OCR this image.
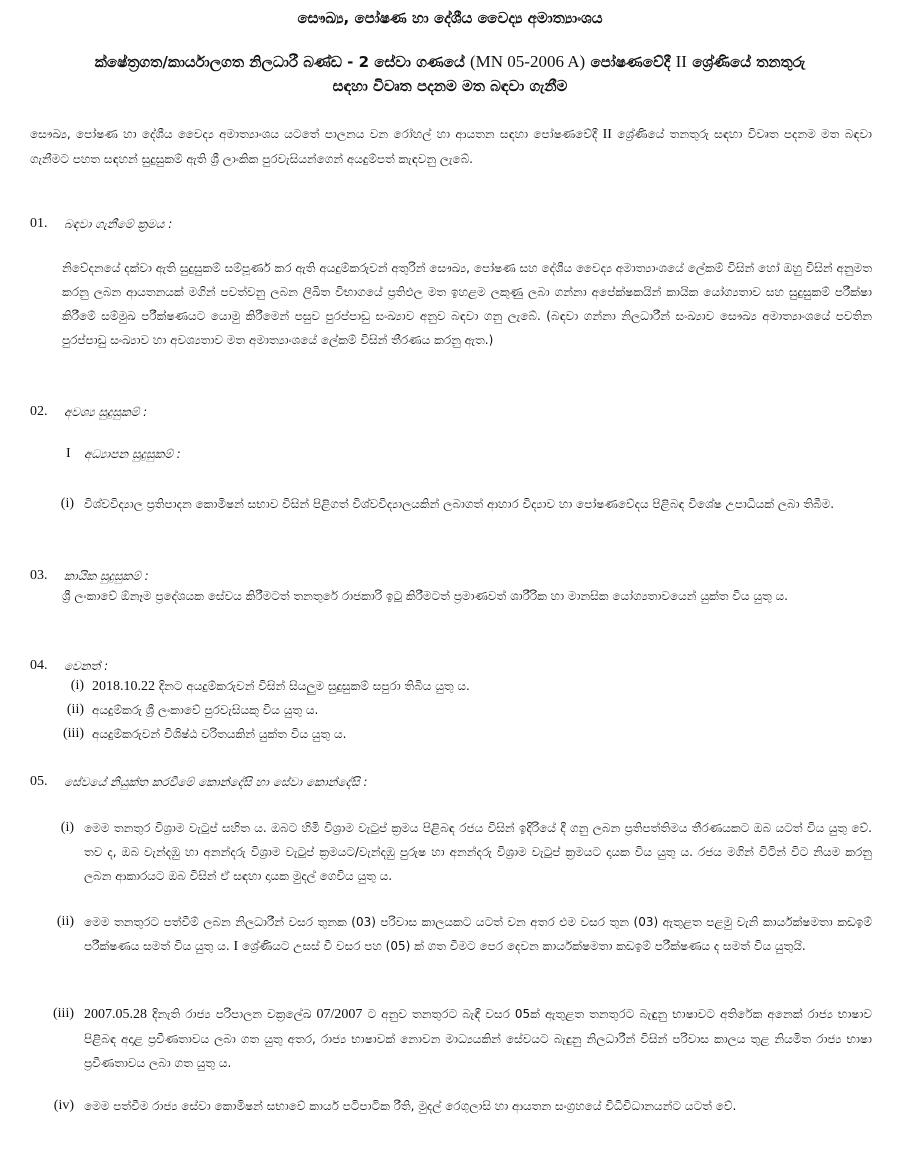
සෞඛ්‍ය, පෝෂණ හා දේශීය වෛද්‍ය අමාත්‍යාංශය
ක්ෂේත්‍රගත/කාර්යාලගත නිලධාරී බණ්ඩ - 2 සේවා ගණයේ (MN 05-2006 A) පෝෂණවේදී II ශ්‍රේණියේ තනතුරු
සඳහා විවෘත පදනම මත බඳවා ගැනීම
සෞඛ්‍ය, පෝෂණ හා දේශීය වෛද්‍ය අමාත්‍යාංශය යටතේ පාලනය වන රෝහල් හා ආයතන සඳහා පෝෂණවේදී II ශ්‍රේණියේ තනතුරු සඳහා විවෘත පදනම මත බඳවා ගැනීමට පහත සඳහන් සුදුසුකම් ඇති ශ්‍රී ලාංකික පුරවැසියන්ගෙන් අයදුම්පත් කැඳවනු ලැබේ.
01. බඳවා ගැනීමේ ක්‍රමය :
නිවේදනයේ දක්වා ඇති සුදුසුකම් සම්පූර්ණ කර ඇති අයදුම්කරුවන් අතුරින් සෞඛ්‍ය, පෝෂණ සහ දේශීය වෛද්‍ය අමාත්‍යාංශයේ ලේකම් විසින් හෝ ඔහු විසින් අනුමත කරනු ලබන ආයතනයක් මගින් පවත්වනු ලබන ලිඛිත විභාගයේ ප්‍රතිඵල මත ඉහළම ලකුණු ලබා ගන්නා අපේක්ෂකයින් කායික යෝග්‍යතාව සහ සුදුසුකම් පරීක්ෂා කිරීමේ සම්මුඛ පරීක්ෂණයට යොමු කිරීමෙන් පසුව පුරප්පාඩු සංඛ්‍යාව අනුව බඳවා ගනු ලැබේ. (බඳවා ගන්නා නිලධාරීන් සංඛ්‍යාව සෞඛ්‍ය අමාත්‍යාංශයේ පවතින පුරප්පාඩු සංඛ්‍යාව හා අවශ්‍යතාව මත අමාත්‍යාංශයේ ලේකම් විසින් තීරණය කරනු ඇත.)
02. අවශ්‍ය සුදුසුකම් :
I අධ්‍යාපන සුදුසුකම් :
(i) විශ්වවිද්‍යාල ප්‍රතිපාදන කොමිෂන් සභාව විසින් පිළිගත් විශ්වවිද්‍යාලයකින් ලබාගත් ආහාර විද්‍යාව හා පෝෂණවේදය පිළිබඳ විශේෂ උපාධියක් ලබා තිබීම.
03. කායික සුදුසුකම් :
ශ්‍රී ලංකාවේ ඕනෑම ප්‍රදේශයක සේවය කිරීමටත් තනතුරේ රාජකාරි ඉටු කිරීමටත් ප්‍රමාණවත් ශාරීරික හා මානසික යෝග්‍යතාවයෙන් යුක්ත විය යුතු ය.
04. වෙනත් :
(i) 2018.10.22 දිනට අයදුම්කරුවන් විසින් සියලුම සුදුසුකම් සපුරා තිබිය යුතු ය.
(ii) අයදුම්කරු ශ්‍රී ලංකාවේ පුරවැසියකු විය යුතු ය.
(iii) අයදුම්කරුවන් විශිෂ්ඨ චරිතයකින් යුක්ත විය යුතු ය.
05. සේවයේ නියුක්ත කරවීමේ කොන්දේසි හා සේවා කොන්දේසි :
(i) මෙම තනතුර විශ්‍රාම වැටුප් සහිත ය. ඔබට හිමි විශ්‍රාම වැටුප් ක්‍රමය පිළිබඳ රජය විසින් ඉදිරියේ දී ගනු ලබන ප්‍රතිපත්තිමය තීරණයකට ඔබ යටත් විය යුතු වේ. තව ද, ඔබ වැන්දඹු හා අනන්දරු විශ්‍රාම වැටුප් ක්‍රමයට/වැන්දඹු පුරුෂ හා අනන්දරු විශ්‍රාම වැටුප් ක්‍රමයට දායක විය යුතු ය. රජය මගින් විටින් විට නියම කරනු ලබන ආකාරයට ඔබ විසින් ඒ සඳහා දායක මුදල් ගෙවිය යුතු ය.
(ii) මෙම තනතුරට පත්වීම් ලබන නිලධාරීන් වසර තුනක (03) පරිවාස කාලයකට යටත් වන අතර එම වසර තුන (03) ඇතුළත පළමු වැනි කාර්යක්ෂමතා කඩඉම් පරීක්ෂණය සමත් විය යුතු ය. I ශ්‍රේණියට උසස් වී වසර පහ (05) ක් ගත වීමට පෙර දෙවන කාර්යක්ෂමතා කඩඉම් පරීක්ෂණය ද සමත් විය යුතුයි.
(iii) 2007.05.28 දිනැති රාජ්‍ය පරිපාලන චක්‍රලේඛ 07/2007 ට අනුව තනතුරට බැඳී වසර 05ක් ඇතුළත තනතුරට බැඳුනු භාෂාවට අතිරේක අනෙක් රාජ්‍ය භාෂාව පිළිබඳ අදාළ ප්‍රවීණතාවය ලබා ගත යුතු අතර, රාජ්‍ය භාෂාවක් නොවන මාධ්‍යයකින් සේවයට බැඳුනු නිලධාරීන් විසින් පරිවාස කාලය තුළ නියමිත රාජ්‍ය භාෂා ප්‍රවීණතාවය ලබා ගත යුතු ය.
(iv) මෙම පත්වීම රාජ්‍ය සේවා කොමිෂන් සභාවේ කාර්ය පටිපාටික රීති, මුදල් රෙගුලාසි හා ආයතන සංග්‍රහයේ විධිවිධානයන්ට යටත් වේ.
